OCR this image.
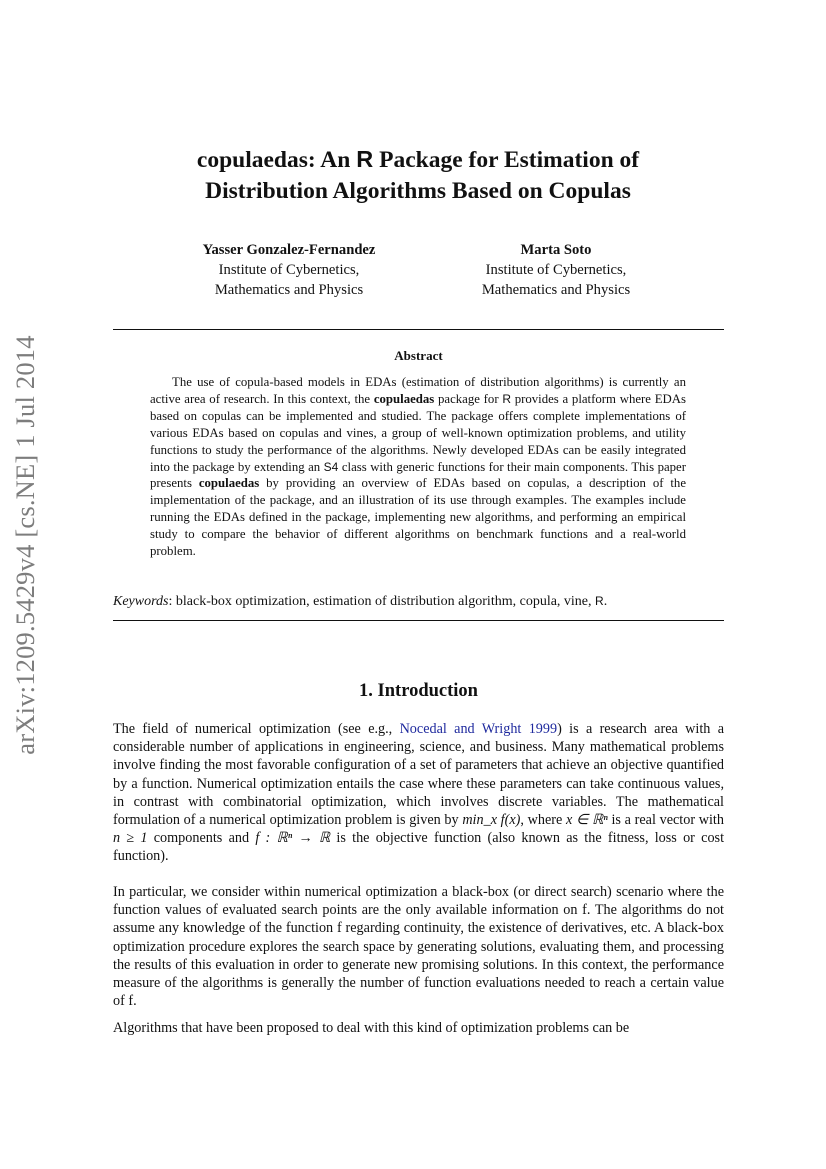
arXiv:1209.5429v4 [cs.NE] 1 Jul 2014
copulaedas: An R Package for Estimation of
Distribution Algorithms Based on Copulas
Yasser Gonzalez-Fernandez
Institute of Cybernetics,
Mathematics and Physics
Marta Soto
Institute of Cybernetics,
Mathematics and Physics
Abstract
The use of copula-based models in EDAs (estimation of distribution algorithms) is currently an active area of research. In this context, the copulaedas package for R provides a platform where EDAs based on copulas can be implemented and studied. The package offers complete implementations of various EDAs based on copulas and vines, a group of well-known optimization problems, and utility functions to study the performance of the algorithms. Newly developed EDAs can be easily integrated into the package by extending an S4 class with generic functions for their main components. This paper presents copulaedas by providing an overview of EDAs based on copulas, a description of the implementation of the package, and an illustration of its use through examples. The examples include running the EDAs defined in the package, implementing new algorithms, and performing an empirical study to compare the behavior of different algorithms on benchmark functions and a real-world problem.
Keywords: black-box optimization, estimation of distribution algorithm, copula, vine, R.
1. Introduction
The field of numerical optimization (see e.g., Nocedal and Wright 1999) is a research area with a considerable number of applications in engineering, science, and business. Many mathematical problems involve finding the most favorable configuration of a set of parameters that achieve an objective quantified by a function. Numerical optimization entails the case where these parameters can take continuous values, in contrast with combinatorial optimization, which involves discrete variables. The mathematical formulation of a numerical optimization problem is given by min_x f(x), where x ∈ ℝⁿ is a real vector with n ≥ 1 components and f : ℝⁿ → ℝ is the objective function (also known as the fitness, loss or cost function).
In particular, we consider within numerical optimization a black-box (or direct search) scenario where the function values of evaluated search points are the only available information on f. The algorithms do not assume any knowledge of the function f regarding continuity, the existence of derivatives, etc. A black-box optimization procedure explores the search space by generating solutions, evaluating them, and processing the results of this evaluation in order to generate new promising solutions. In this context, the performance measure of the algorithms is generally the number of function evaluations needed to reach a certain value of f.
Algorithms that have been proposed to deal with this kind of optimization problems can be
